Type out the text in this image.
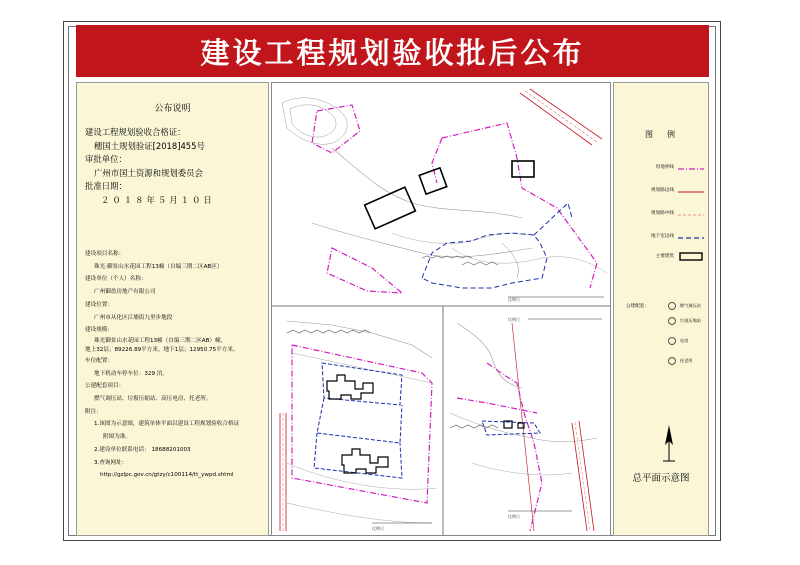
建设工程规划验收批后公布
公布说明
建设工程规划验收合格证：
穗国土规划验证[2018]455号
审批单位：
广州市国土资源和规划委员会
批准日期：
２０１８年５月１０日
建设项目名称：
珠光·御景山水花园工程13幢（自编三期二区AB区）
建设单位（个人）名称：
广州御盈房地产有限公司
建设位置：
广州市从化区江埔街九里步地段
建设规模：
珠光御景山水花园工程13幢（自编三期二区AB）幢，
地上32层；89226.89平方米，地下1层；12950.75平方米。
车位配置：
地下机动车停车位：329 泊。
公建配套项目：
燃气调压站、垃圾压缩站、高压电房、托老所。
附注：
1.该图为示意图，建筑单体平面以建设工程规划验收合格证
附图为准。
2.建设单位联系电话： 18688201003
3.查询网址：
http://gzlpc.gov.cn/gtzy/c100114/tt_ywpd.shtml
比例尺
比例尺
比例尺
比例尺
图例
用地界线
规划路边线
规划路中线
地下室边线
主要建筑
公建配套：	燃气调压站
垃圾压缩站
电房
托老所
总平面示意图
